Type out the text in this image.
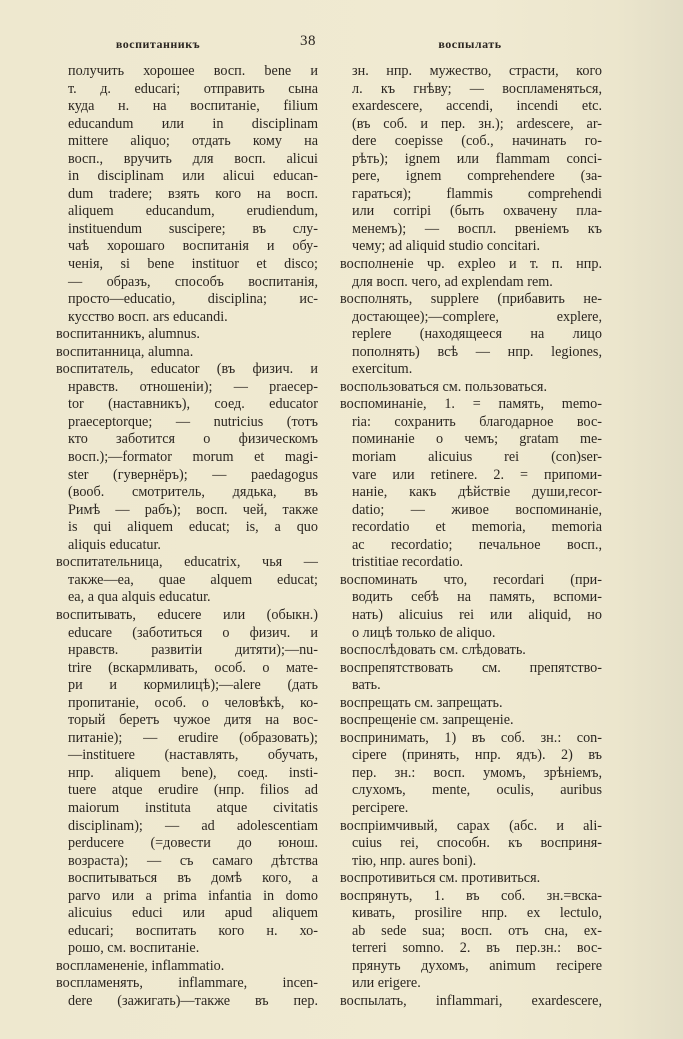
воспитанникъ	38	воспылать
получить хорошее восп. bene и
т. д. educari; отправить сына
куда н. на воспитаніе, filium
educandum или in disciplinam
mittere aliquo; отдать кому на
восп., вручить для восп. alicui
in disciplinam или alicui educan-
dum tradere; взять кого на восп.
aliquem educandum, erudiendum,
instituendum suscipere; въ слу-
чаѣ хорошаго воспитанія и обу-
ченія, si bene instituor et disco;
— образъ, способъ воспитанія,
просто—educatio, disciplina; ис-
кусство восп. ars educandi.
воспитанникъ, alumnus.
воспитанница, alumna.
воспитатель, educator (въ физич. и
нравств. отношеніи); — praecep-
tor (наставникъ), соед. educator
praeceptorque; — nutricius (тотъ
кто заботится о физическомъ
восп.);—formator morum et magi-
ster (гувернёръ); — paedagogus
(вооб. смотритель, дядька, въ
Римѣ — рабъ); восп. чей, также
is qui aliquem educat; is, a quo
aliquis educatur.
воспитательница, educatrix, чья —
также—ea, quae alquem educat;
ea, a qua alquis educatur.
воспитывать, educere или (обыкн.)
educare (заботиться о физич. и
нравств. развитіи дитяти);—nu-
trire (вскармливать, особ. о мате-
ри и кормилицѣ);—alere (дать
пропитаніе, особ. о человѣкѣ, ко-
торый беретъ чужое дитя на вос-
питаніе); — erudire (образовать);
—instituere (наставлять, обучать,
нпр. aliquem bene), соед. insti-
tuere atque erudire (нпр. filios ad
maiorum instituta atque civitatis
disciplinam); — ad adolescentiam
perducere (=довести до юнош.
возраста); — съ самаго дѣтства
воспитываться въ домѣ кого, a
parvo или a prima infantia in domo
alicuius educi или apud aliquem
educari; воспитать кого н. хо-
рошо, см. воспитаніе.
воспламененіе, inflammatio.
воспламенять, inflammare, incen-
dere (зажигать)—также въ пер.
зн. нпр. мужество, страсти, кого
л. къ гнѣву; — воспламеняться,
exardescere, accendi, incendi etc.
(въ соб. и пер. зн.); ardescere, ar-
dere coepisse (соб., начинать го-
рѣть); ignem или flammam conci-
pere, ignem comprehendere (за-
гараться); flammis comprehendi
или corripi (быть охвачену пла-
менемъ); — воспл. рвеніемъ къ
чему; ad aliquid studio concitari.
восполненіе чр. expleo и т. п. нпр.
для восп. чего, ad explendam rem.
восполнять, supplere (прибавить не-
достающее);—complere, explere,
replere (находящееся на лицо
пополнять) всѣ — нпр. legiones,
exercitum.
воспользоваться см. пользоваться.
воспоминаніе, 1. = память, memo-
ria: сохранить благодарное вос-
поминаніе о чемъ; gratam me-
moriam alicuius rei (con)ser-
vare или retinere. 2. = припоми-
наніе, какъ дѣйствіе души,recor-
datio; — живое воспоминаніе,
recordatio et memoria, memoria
ac recordatio; печальное восп.,
tristitiae recordatio.
воспоминать что, recordari (при-
водить себѣ на память, вспоми-
нать) alicuius rei или aliquid, но
о лицѣ только de aliquo.
воспослѣдовать см. слѣдовать.
воспрепятствовать см. препятство-
вать.
воспрещать см. запрещать.
воспрещеніе см. запрещеніе.
воспринимать, 1) въ соб. зн.: con-
cipere (принять, нпр. ядъ). 2) въ
пер. зн.: восп. умомъ, зрѣніемъ,
слухомъ, mente, oculis, auribus
percipere.
воспріимчивый, capax (абс. и ali-
cuius rei, способн. къ восприня-
тію, нпр. aures boni).
воспротивиться см. противиться.
воспрянуть, 1. въ соб. зн.=вска-
кивать, prosilire нпр. ex lectulo,
ab sede sua; восп. отъ сна, ex-
terreri somno. 2. въ пер.зн.: вос-
прянуть духомъ, animum recipere
или erigere.
воспылать, inflammari, exardescere,
